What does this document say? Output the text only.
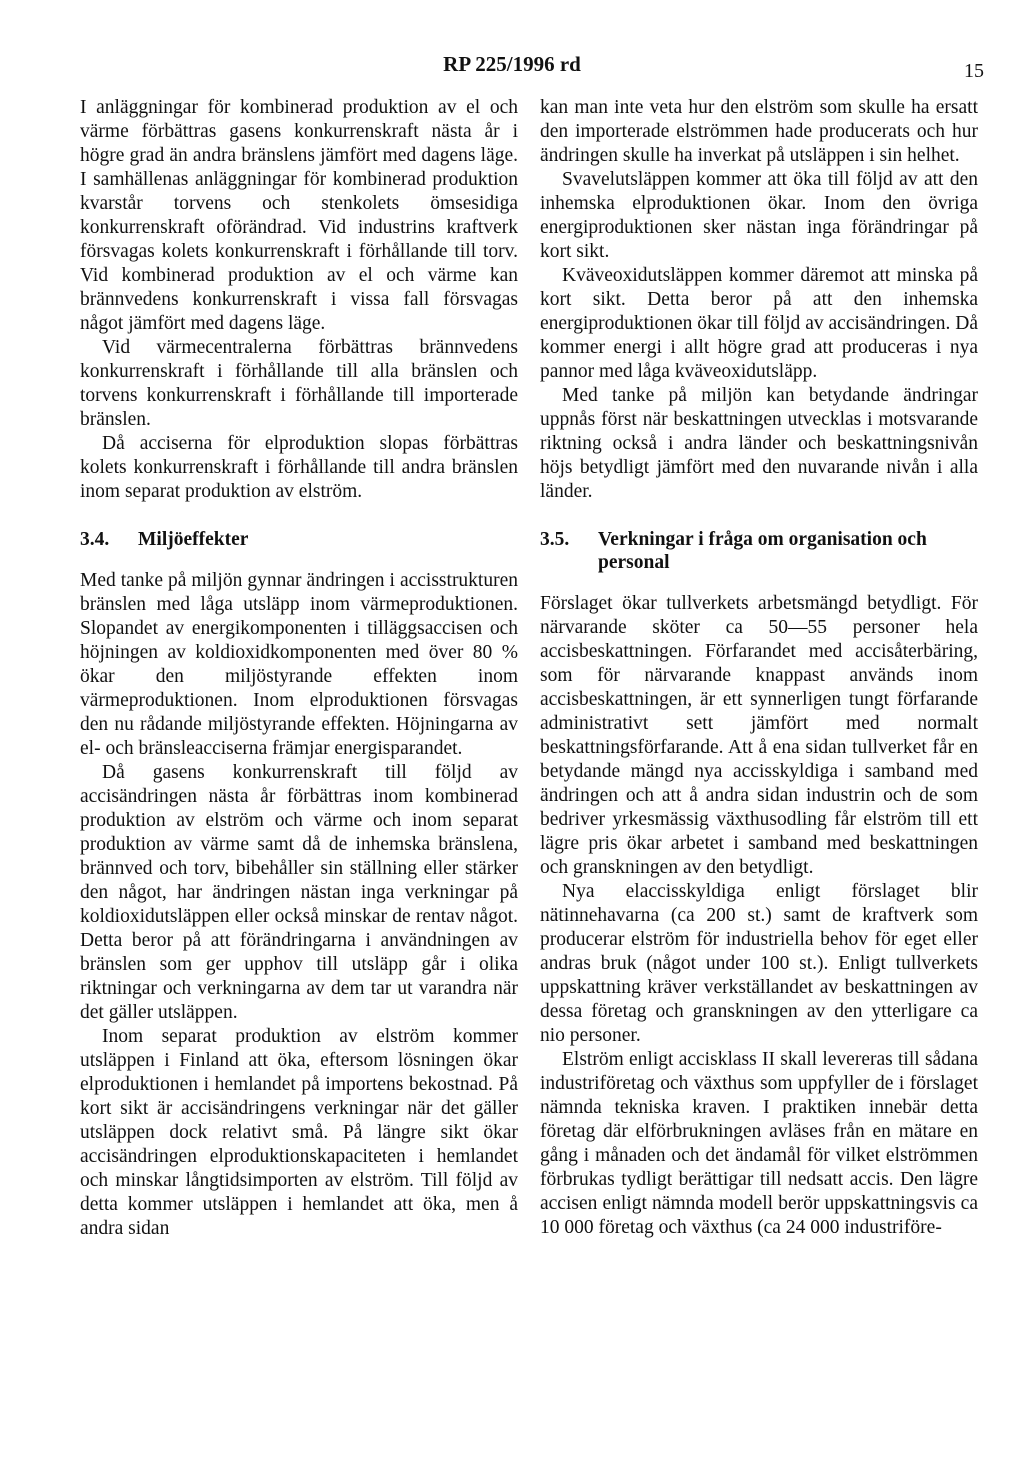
RP 225/1996 rd	15

I anläggningar för kombinerad produktion av el och värme förbättras gasens konkurrenskraft nästa år i högre grad än andra bränslens jämfört med dagens läge. I samhällenas anläggningar för kombinerad produktion kvarstår torvens och stenkolets ömsesidiga konkurrenskraft oförändrad. Vid industrins kraftverk försvagas kolets konkurrenskraft i förhållande till torv. Vid kombinerad produktion av el och värme kan brännvedens konkurrenskraft i vissa fall försvagas något jämfört med dagens läge.

Vid värmecentralerna förbättras brännvedens konkurrenskraft i förhållande till alla bränslen och torvens konkurrenskraft i förhållande till importerade bränslen.

Då acciserna för elproduktion slopas förbättras kolets konkurrenskraft i förhållande till andra bränslen inom separat produktion av elström.

3.4.	Miljöeffekter

Med tanke på miljön gynnar ändringen i accisstrukturen bränslen med låga utsläpp inom värmeproduktionen. Slopandet av energikomponenten i tilläggsaccisen och höjningen av koldioxidkomponenten med över 80 % ökar den miljöstyrande effekten inom värmeproduktionen. Inom elproduktionen försvagas den nu rådande miljöstyrande effekten. Höjningarna av el- och bränsleacciserna främjar energisparandet.

Då gasens konkurrenskraft till följd av accisändringen nästa år förbättras inom kombinerad produktion av elström och värme och inom separat produktion av värme samt då de inhemska bränslena, brännved och torv, bibehåller sin ställning eller stärker den något, har ändringen nästan inga verkningar på koldioxidutsläppen eller också minskar de rentav något. Detta beror på att förändringarna i användningen av bränslen som ger upphov till utsläpp går i olika riktningar och verkningarna av dem tar ut varandra när det gäller utsläppen.

Inom separat produktion av elström kommer utsläppen i Finland att öka, eftersom lösningen ökar elproduktionen i hemlandet på importens bekostnad. På kort sikt är accisändringens verkningar när det gäller utsläppen dock relativt små. På längre sikt ökar accisändringen elproduktionskapaciteten i hemlandet och minskar långtidsimporten av elström. Till följd av detta kommer utsläppen i hemlandet att öka, men å andra sidan

kan man inte veta hur den elström som skulle ha ersatt den importerade elströmmen hade producerats och hur ändringen skulle ha inverkat på utsläppen i sin helhet.

Svavelutsläppen kommer att öka till följd av att den inhemska elproduktionen ökar. Inom den övriga energiproduktionen sker nästan inga förändringar på kort sikt.

Kväveoxidutsläppen kommer däremot att minska på kort sikt. Detta beror på att den inhemska energiproduktionen ökar till följd av accisändringen. Då kommer energi i allt högre grad att produceras i nya pannor med låga kväveoxidutsläpp.

Med tanke på miljön kan betydande ändringar uppnås först när beskattningen utvecklas i motsvarande riktning också i andra länder och beskattningsnivån höjs betydligt jämfört med den nuvarande nivån i alla länder.

3.5.	Verkningar i fråga om organisation och personal

Förslaget ökar tullverkets arbetsmängd betydligt. För närvarande sköter ca 50—55 personer hela accisbeskattningen. Förfarandet med accisåterbäring, som för närvarande knappast används inom accisbeskattningen, är ett synnerligen tungt förfarande administrativt sett jämfört med normalt beskattningsförfarande. Att å ena sidan tullverket får en betydande mängd nya accisskyldiga i samband med ändringen och att å andra sidan industrin och de som bedriver yrkesmässig växthusodling får elström till ett lägre pris ökar arbetet i samband med beskattningen och granskningen av den betydligt.

Nya elaccisskyldiga enligt förslaget blir nätinnehavarna (ca 200 st.) samt de kraftverk som producerar elström för industriella behov för eget eller andras bruk (något under 100 st.). Enligt tullverkets uppskattning kräver verkställandet av beskattningen av dessa företag och granskningen av den ytterligare ca nio personer.

Elström enligt accisklass II skall levereras till sådana industriföretag och växthus som uppfyller de i förslaget nämnda tekniska kraven. I praktiken innebär detta företag där elförbrukningen avläses från en mätare en gång i månaden och det ändamål för vilket elströmmen förbrukas tydligt berättigar till nedsatt accis. Den lägre accisen enligt nämnda modell berör uppskattningsvis ca 10 000 företag och växthus (ca 24 000 industriföre-
